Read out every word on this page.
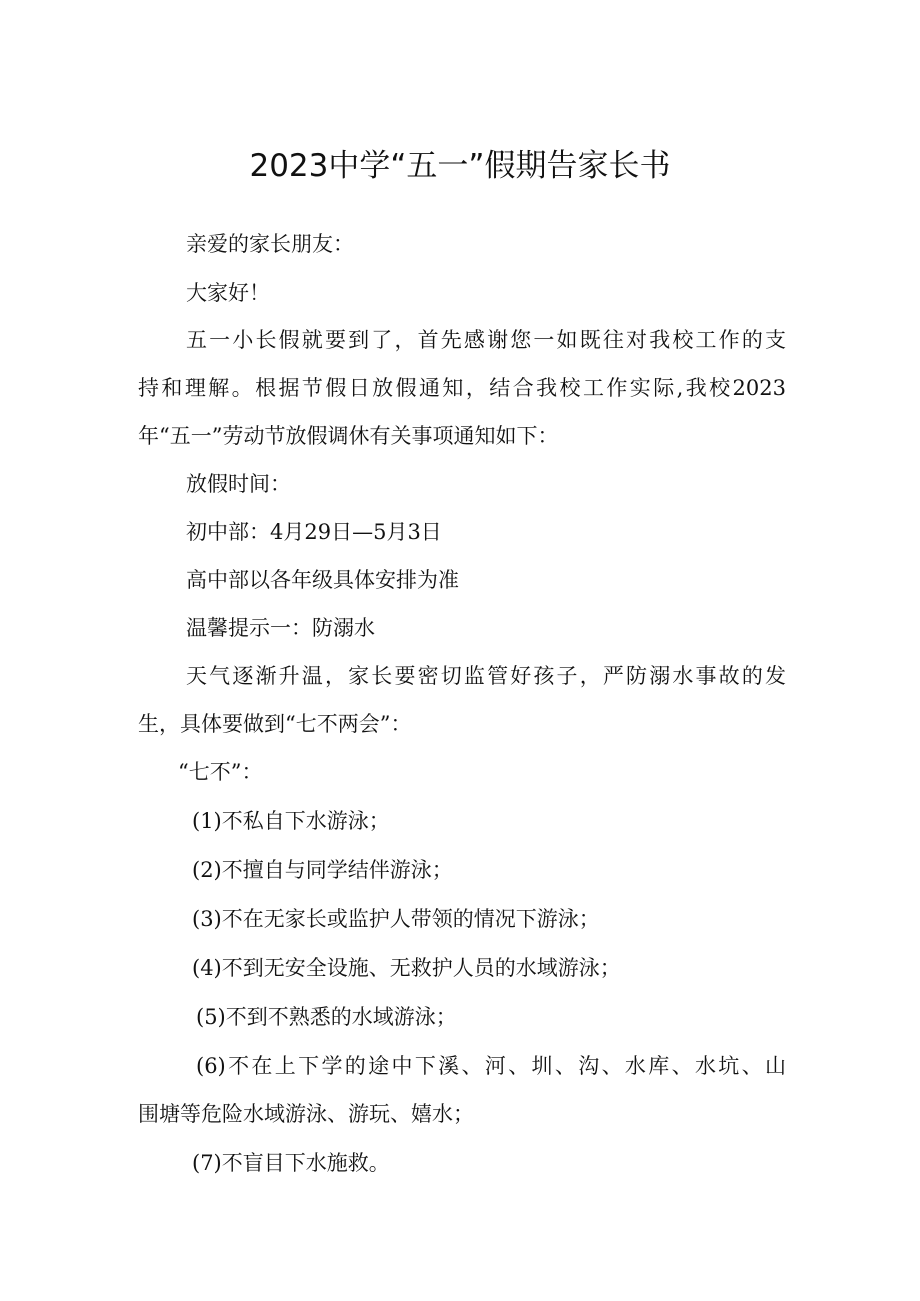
2023中学“五一”假期告家长书

亲爱的家长朋友：

大家好！

五一小长假就要到了，首先感谢您一如既往对我校工作的支

持和理解。根据节假日放假通知，结合我校工作实际,我校2023

年“五一”劳动节放假调休有关事项通知如下：

放假时间：

初中部：4月29日—5月3日

高中部以各年级具体安排为准

温馨提示一：防溺水

天气逐渐升温，家长要密切监管好孩子，严防溺水事故的发

生，具体要做到“七不两会”：

“七不”：

(1)不私自下水游泳；

(2)不擅自与同学结伴游泳；

(3)不在无家长或监护人带领的情况下游泳；

(4)不到无安全设施、无救护人员的水域游泳；

(5)不到不熟悉的水域游泳；

(6)不在上下学的途中下溪、河、圳、沟、水库、水坑、山

围塘等危险水域游泳、游玩、嬉水；

(7)不盲目下水施救。
